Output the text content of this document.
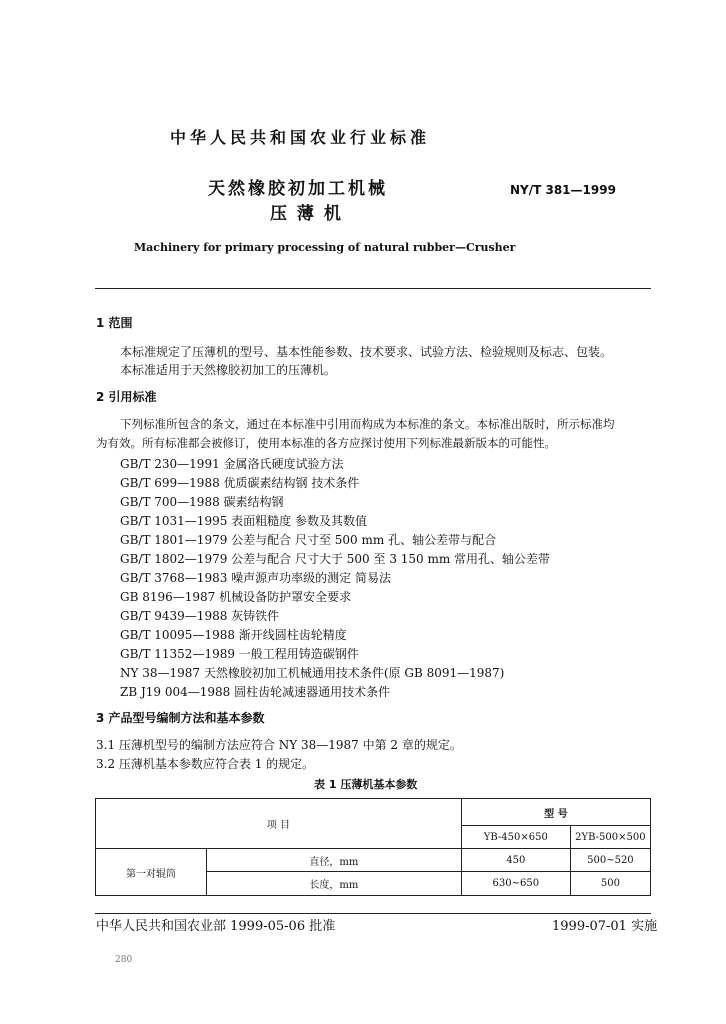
中华人民共和国农业行业标准
天然橡胶初加工机械
压 薄 机
NY/T 381—1999
Machinery for primary processing of natural rubber—Crusher
1 范围
本标准规定了压薄机的型号、基本性能参数、技术要求、试验方法、检验规则及标志、包装。
本标准适用于天然橡胶初加工的压薄机。
2 引用标准
下列标准所包含的条文，通过在本标准中引用而构成为本标准的条文。本标准出版时，所示标准均
为有效。所有标准都会被修订，使用本标准的各方应探讨使用下列标准最新版本的可能性。
GB/T 230—1991 金属洛氏硬度试验方法
GB/T 699—1988 优质碳素结构钢 技术条件
GB/T 700—1988 碳素结构钢
GB/T 1031—1995 表面粗糙度 参数及其数值
GB/T 1801—1979 公差与配合 尺寸至 500 mm 孔、轴公差带与配合
GB/T 1802—1979 公差与配合 尺寸大于 500 至 3 150 mm 常用孔、轴公差带
GB/T 3768—1983 噪声源声功率级的测定 简易法
GB 8196—1987 机械设备防护罩安全要求
GB/T 9439—1988 灰铸铁件
GB/T 10095—1988 渐开线圆柱齿轮精度
GB/T 11352—1989 一般工程用铸造碳钢件
NY 38—1987 天然橡胶初加工机械通用技术条件(原 GB 8091—1987)
ZB J19 004—1988 圆柱齿轮减速器通用技术条件
3 产品型号编制方法和基本参数
3.1 压薄机型号的编制方法应符合 NY 38—1987 中第 2 章的规定。
3.2 压薄机基本参数应符合表 1 的规定。
表 1 压薄机基本参数
项 目		型 号	
		YB-450×650	2YB-500×500
第一对辊筒	直径，mm	450	500~520
	长度，mm	630~650	500
中华人民共和国农业部 1999-05-06 批准	1999-07-01 实施
280
